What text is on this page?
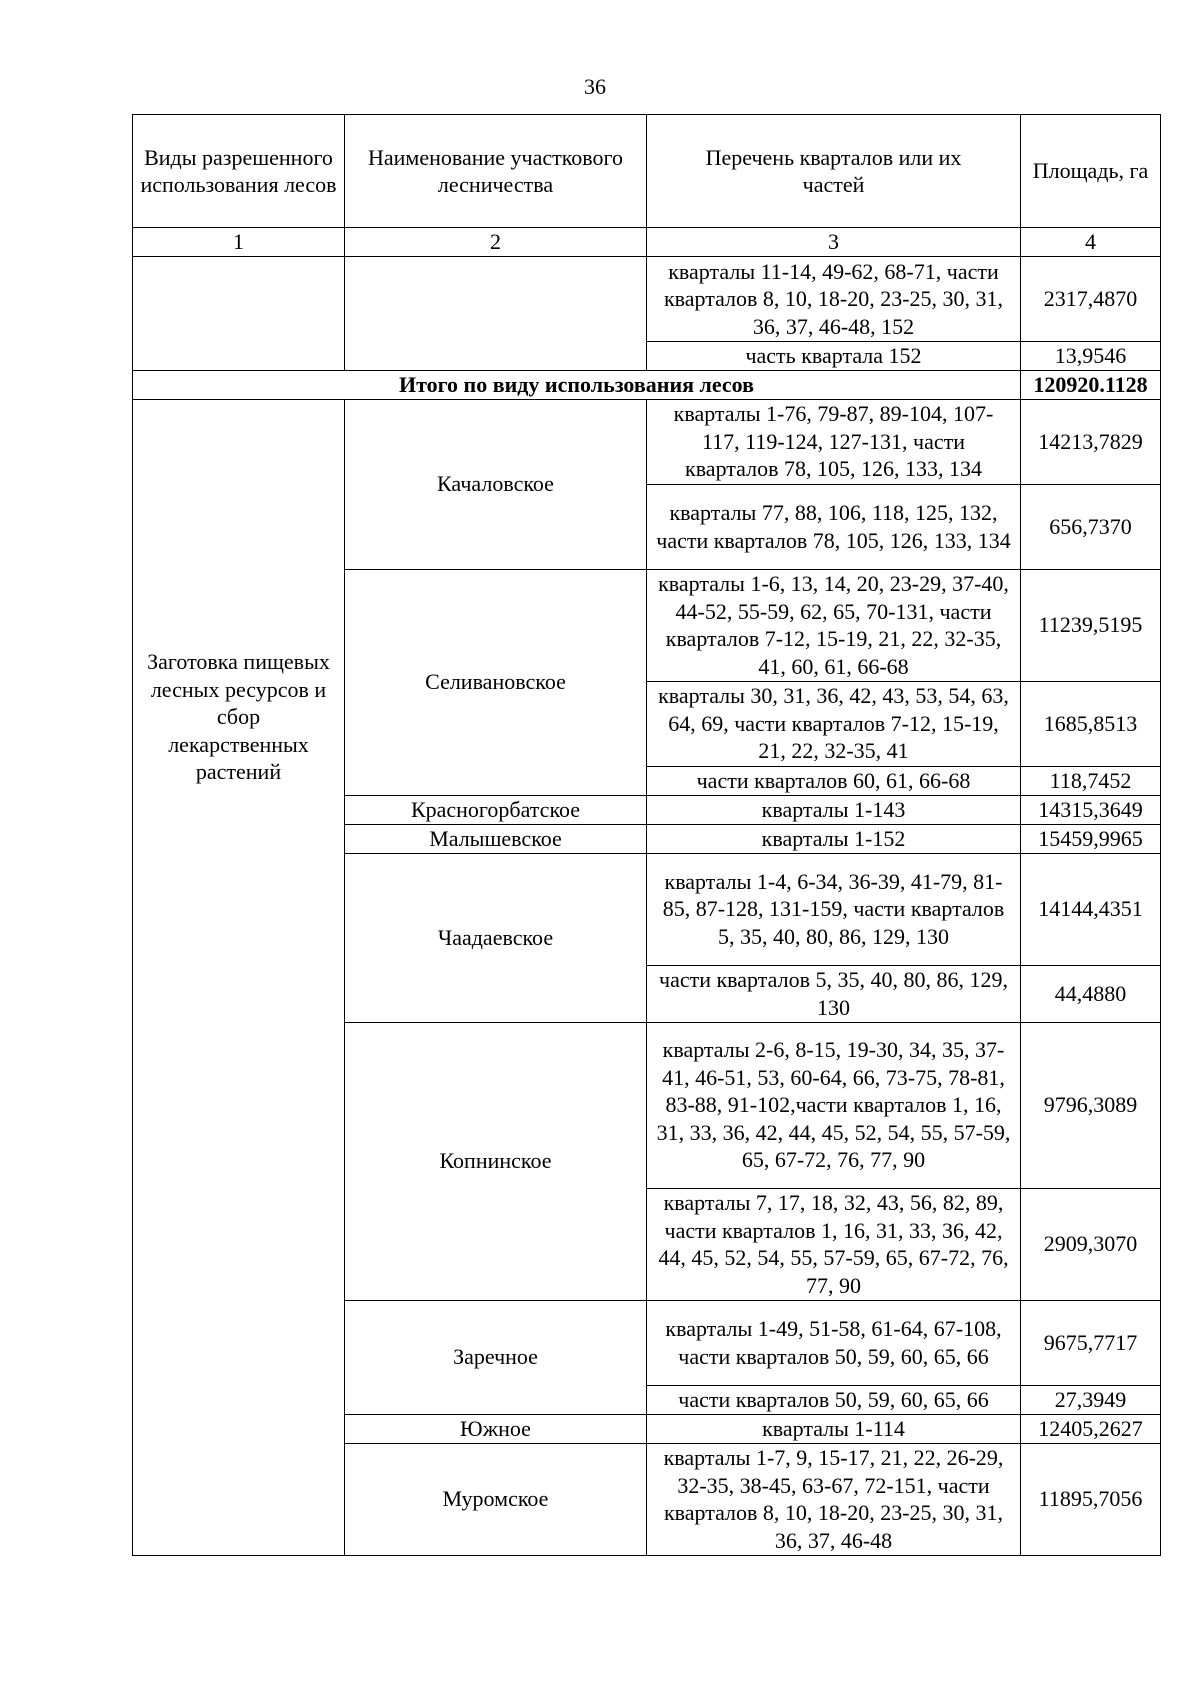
36
Виды разрешенного использования лесов	Наименование участкового лесничества	Перечень кварталов или их частей	Площадь, га
1	2	3	4
		кварталы 11-14, 49-62, 68-71, части кварталов 8, 10, 18-20, 23-25, 30, 31, 36, 37, 46-48, 152	2317,4870
		часть квартала 152	13,9546
Итого по виду использования лесов			120920.1128
Заготовка пищевых лесных ресурсов и сбор лекарственных растений	Качаловское	кварталы 1-76, 79-87, 89-104, 107-117, 119-124, 127-131, части кварталов 78, 105, 126, 133, 134	14213,7829
		кварталы 77, 88, 106, 118, 125, 132, части кварталов 78, 105, 126, 133, 134	656,7370
	Селивановское	кварталы 1-6, 13, 14, 20, 23-29, 37-40, 44-52, 55-59, 62, 65, 70-131, части кварталов 7-12, 15-19, 21, 22, 32-35, 41, 60, 61, 66-68	11239,5195
		кварталы 30, 31, 36, 42, 43, 53, 54, 63, 64, 69, части кварталов 7-12, 15-19, 21, 22, 32-35, 41	1685,8513
		части кварталов 60, 61, 66-68	118,7452
	Красногорбатское	кварталы 1-143	14315,3649
	Малышевское	кварталы 1-152	15459,9965
	Чаадаевское	кварталы 1-4, 6-34, 36-39, 41-79, 81-85, 87-128, 131-159, части кварталов 5, 35, 40, 80, 86, 129, 130	14144,4351
		части кварталов 5, 35, 40, 80, 86, 129, 130	44,4880
	Копнинское	кварталы 2-6, 8-15, 19-30, 34, 35, 37-41, 46-51, 53, 60-64, 66, 73-75, 78-81, 83-88, 91-102,части кварталов 1, 16, 31, 33, 36, 42, 44, 45, 52, 54, 55, 57-59, 65, 67-72, 76, 77, 90	9796,3089
		кварталы 7, 17, 18, 32, 43, 56, 82, 89, части кварталов 1, 16, 31, 33, 36, 42, 44, 45, 52, 54, 55, 57-59, 65, 67-72, 76, 77, 90	2909,3070
	Заречное	кварталы 1-49, 51-58, 61-64, 67-108, части кварталов 50, 59, 60, 65, 66	9675,7717
		части кварталов 50, 59, 60, 65, 66	27,3949
	Южное	кварталы 1-114	12405,2627
	Муромское	кварталы 1-7, 9, 15-17, 21, 22, 26-29, 32-35, 38-45, 63-67, 72-151, части кварталов 8, 10, 18-20, 23-25, 30, 31, 36, 37, 46-48	11895,7056
